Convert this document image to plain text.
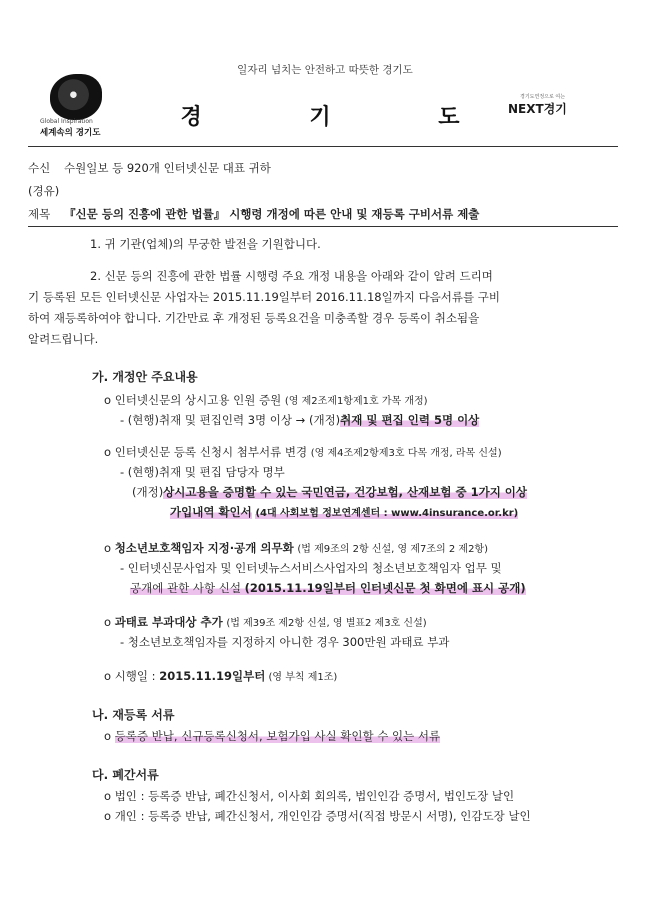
일자리 넘치는 안전하고 따뜻한 경기도
Global Inspiration
세계속의 경기도
경 기 도
경기도연정으로 여는
NEXT경기
수신 수원일보 등 920개 인터넷신문 대표 귀하
(경유)
제목 『신문 등의 진흥에 관한 법률』 시행령 개정에 따른 안내 및 재등록 구비서류 제출
1. 귀 기관(업체)의 무궁한 발전을 기원합니다.
2. 신문 등의 진흥에 관한 법률 시행령 주요 개정 내용을 아래와 같이 알려 드리며
기 등록된 모든 인터넷신문 사업자는 2015.11.19일부터 2016.11.18일까지 다음서류를 구비
하여 재등록하여야 합니다. 기간만료 후 개정된 등록요건을 미충족할 경우 등록이 취소됨을
알려드립니다.
가. 개정안 주요내용
o 인터넷신문의 상시고용 인원 증원 (영 제2조제1항제1호 가목 개정)
- (현행)취재 및 편집인력 3명 이상 → (개정)취재 및 편집 인력 5명 이상
o 인터넷신문 등록 신청시 첨부서류 변경 (영 제4조제2항제3호 다목 개정, 라목 신설)
- (현행)취재 및 편집 담당자 명부
(개정)상시고용을 증명할 수 있는 국민연금, 건강보험, 산재보험 중 1가지 이상
가입내역 확인서 (4대 사회보험 정보연계센터 : www.4insurance.or.kr)
o 청소년보호책임자 지정·공개 의무화 (법 제9조의 2항 신설, 영 제7조의 2 제2항)
- 인터넷신문사업자 및 인터넷뉴스서비스사업자의 청소년보호책임자 업무 및
공개에 관한 사항 신설 (2015.11.19일부터 인터넷신문 첫 화면에 표시 공개)
o 과태료 부과대상 추가 (법 제39조 제2항 신설, 영 별표2 제3호 신설)
- 청소년보호책임자를 지정하지 아니한 경우 300만원 과태료 부과
o 시행일 : 2015.11.19일부터 (영 부칙 제1조)
나. 재등록 서류
o 등록증 반납, 신규등록신청서, 보험가입 사실 확인할 수 있는 서류
다. 폐간서류
o 법인 : 등록증 반납, 폐간신청서, 이사회 회의록, 법인인감 증명서, 법인도장 날인
o 개인 : 등록증 반납, 폐간신청서, 개인인감 증명서(직접 방문시 서명), 인감도장 날인
